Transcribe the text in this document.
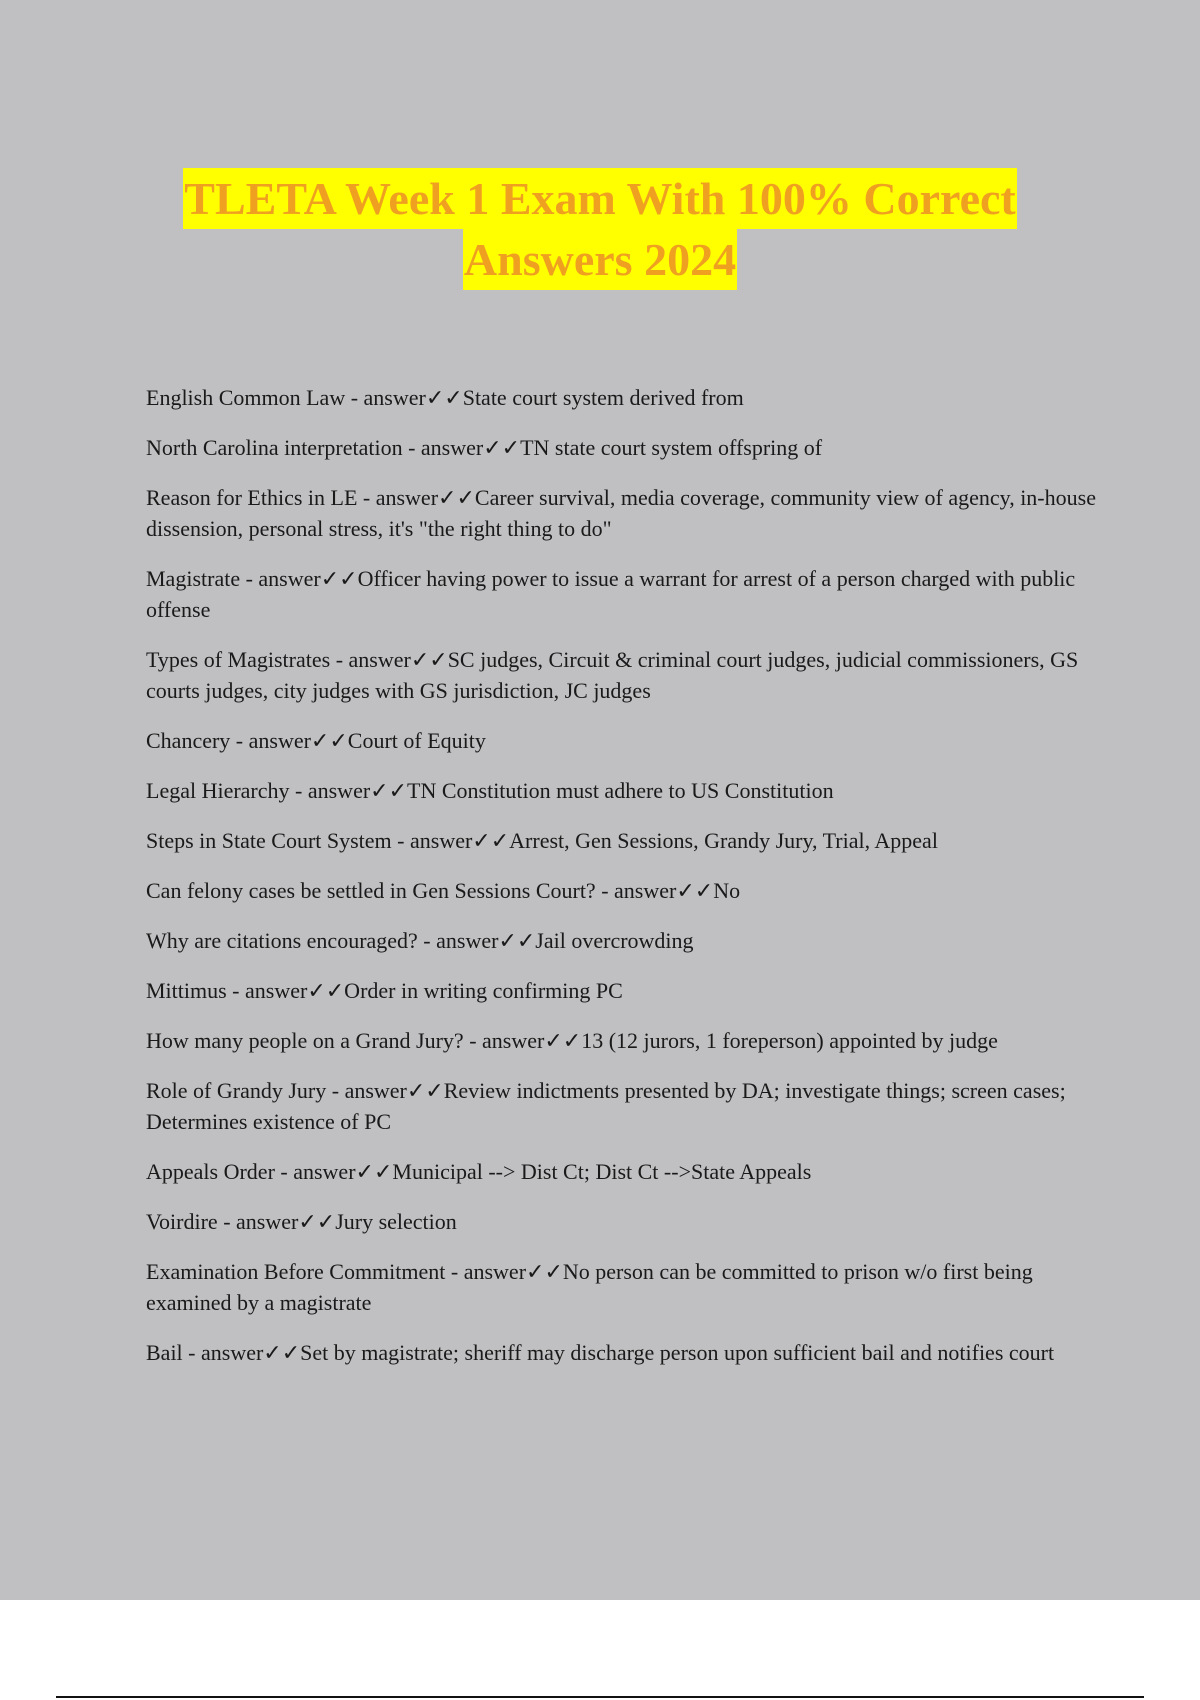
TLETA Week 1 Exam With 100% Correct
Answers 2024
English Common Law - answer✓✓State court system derived from
North Carolina interpretation - answer✓✓TN state court system offspring of
Reason for Ethics in LE - answer✓✓Career survival, media coverage, community view of agency, in-house dissension, personal stress, it's "the right thing to do"
Magistrate - answer✓✓Officer having power to issue a warrant for arrest of a person charged with public offense
Types of Magistrates - answer✓✓SC judges, Circuit & criminal court judges, judicial commissioners, GS courts judges, city judges with GS jurisdiction, JC judges
Chancery - answer✓✓Court of Equity
Legal Hierarchy - answer✓✓TN Constitution must adhere to US Constitution
Steps in State Court System - answer✓✓Arrest, Gen Sessions, Grandy Jury, Trial, Appeal
Can felony cases be settled in Gen Sessions Court? - answer✓✓No
Why are citations encouraged? - answer✓✓Jail overcrowding
Mittimus - answer✓✓Order in writing confirming PC
How many people on a Grand Jury? - answer✓✓13 (12 jurors, 1 foreperson) appointed by judge
Role of Grandy Jury - answer✓✓Review indictments presented by DA; investigate things; screen cases; Determines existence of PC
Appeals Order - answer✓✓Municipal --> Dist Ct; Dist Ct -->State Appeals
Voirdire - answer✓✓Jury selection
Examination Before Commitment - answer✓✓No person can be committed to prison w/o first being examined by a magistrate
Bail - answer✓✓Set by magistrate; sheriff may discharge person upon sufficient bail and notifies court
